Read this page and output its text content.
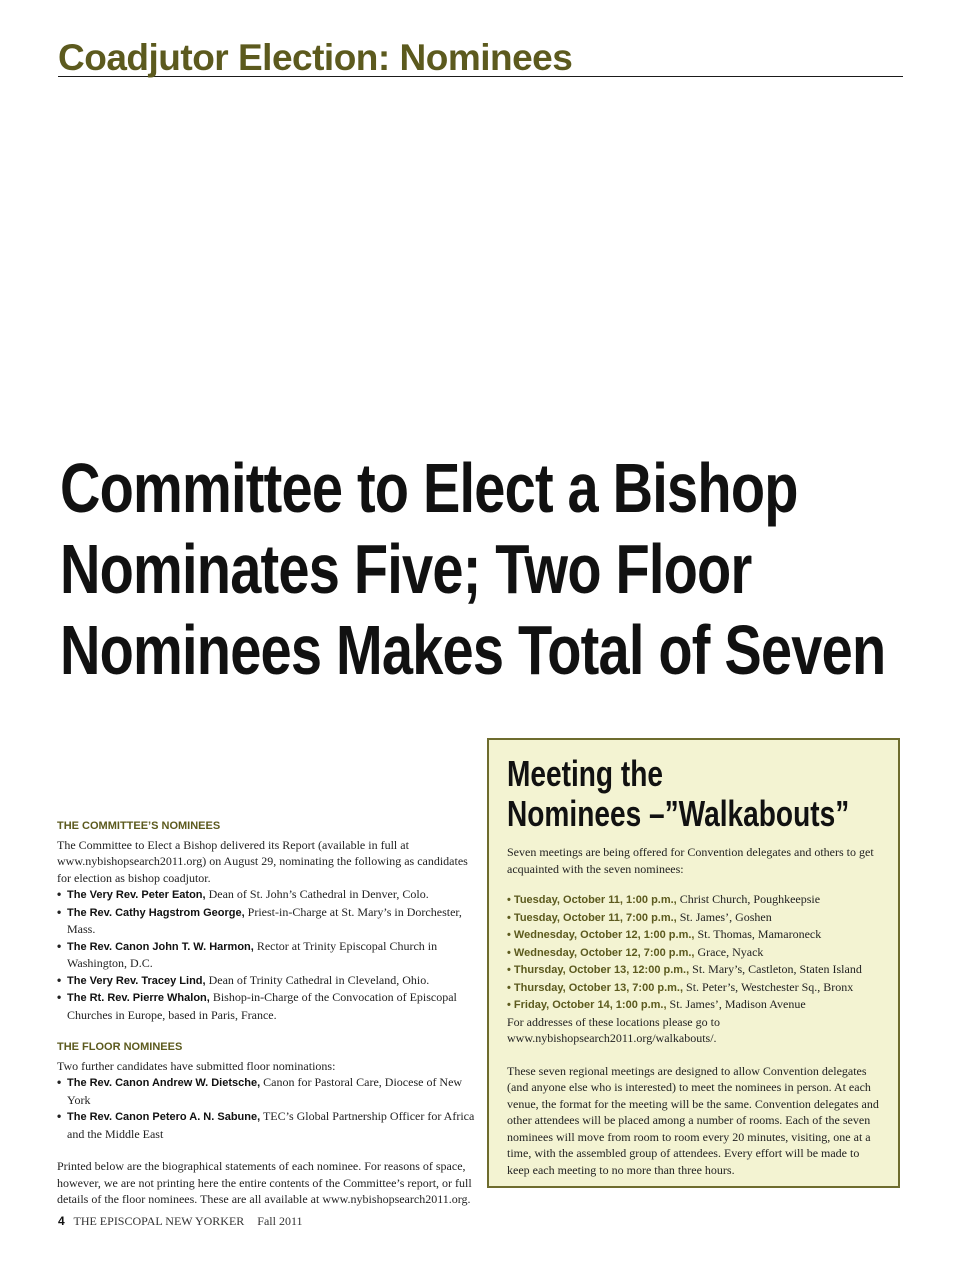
Coadjutor Election: Nominees
Committee to Elect a Bishop
Nominates Five; Two Floor
Nominees Makes Total of Seven
THE COMMITTEE’S NOMINEES

The Committee to Elect a Bishop delivered its Report (available in full at www.nybishopsearch2011.org) on August 29, nominating the following as candidates for election as bishop coadjutor.

• The Very Rev. Peter Eaton, Dean of St. John’s Cathedral in Denver, Colo.
• The Rev. Cathy Hagstrom George, Priest-in-Charge at St. Mary’s in Dorchester, Mass.
• The Rev. Canon John T. W. Harmon, Rector at Trinity Episcopal Church in Washington, D.C.
• The Very Rev. Tracey Lind, Dean of Trinity Cathedral in Cleveland, Ohio.
• The Rt. Rev. Pierre Whalon, Bishop-in-Charge of the Convocation of Episcopal Churches in Europe, based in Paris, France.
THE FLOOR NOMINEES

Two further candidates have submitted floor nominations:

• The Rev. Canon Andrew W. Dietsche, Canon for Pastoral Care, Diocese of New York
• The Rev. Canon Petero A. N. Sabune, TEC’s Global Partnership Officer for Africa and the Middle East

Printed below are the biographical statements of each nominee. For reasons of space, however, we are not printing here the entire contents of the Committee’s report, or full details of the floor nominees. These are all available at www.nybishopsearch2011.org.

Meeting the
Nominees –”Walkabouts”

Seven meetings are being offered for Convention delegates and others to get acquainted with the seven nominees:

• Tuesday, October 11, 1:00 p.m., Christ Church, Poughkeepsie
• Tuesday, October 11, 7:00 p.m., St. James’, Goshen
• Wednesday, October 12, 1:00 p.m., St. Thomas, Mamaroneck
• Wednesday, October 12, 7:00 p.m., Grace, Nyack
• Thursday, October 13, 12:00 p.m., St. Mary’s, Castleton, Staten Island
• Thursday, October 13, 7:00 p.m., St. Peter’s, Westchester Sq., Bronx
• Friday, October 14, 1:00 p.m., St. James’, Madison Avenue

For addresses of these locations please go to www.nybishopsearch2011.org/walkabouts/.

These seven regional meetings are designed to allow Convention delegates (and anyone else who is interested) to meet the nominees in person. At each venue, the format for the meeting will be the same. Convention delegates and other attendees will be placed among a number of rooms. Each of the seven nominees will move from room to room every 20 minutes, visiting, one at a time, with the assembled group of attendees. Every effort will be made to keep each meeting to no more than three hours.

4 THE EPISCOPAL NEW YORKER Fall 2011
